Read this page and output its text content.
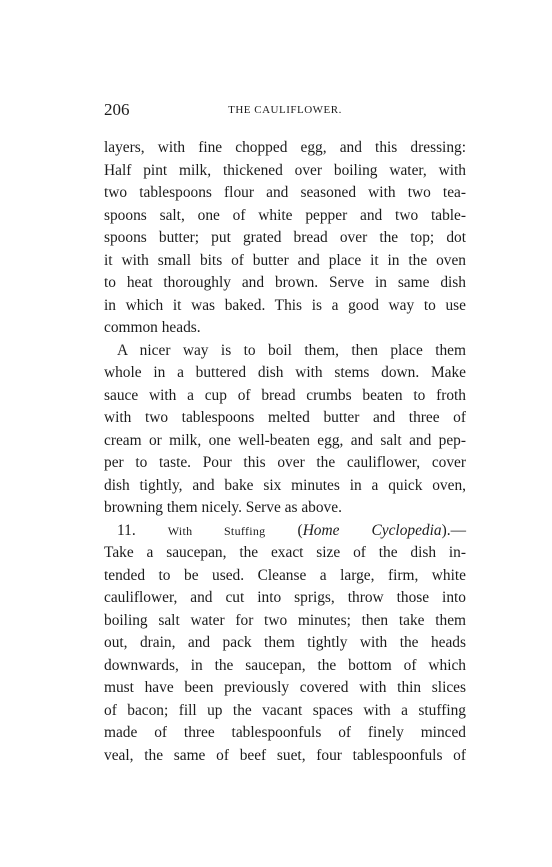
206	THE CAULIFLOWER.
layers, with fine chopped egg, and this dressing:
Half pint milk, thickened over boiling water, with
two tablespoons flour and seasoned with two tea-
spoons salt, one of white pepper and two table-
spoons butter; put grated bread over the top; dot
it with small bits of butter and place it in the oven
to heat thoroughly and brown. Serve in same dish
in which it was baked. This is a good way to use
common heads.
A nicer way is to boil them, then place them
whole in a buttered dish with stems down. Make
sauce with a cup of bread crumbs beaten to froth
with two tablespoons melted butter and three of
cream or milk, one well-beaten egg, and salt and pep-
per to taste. Pour this over the cauliflower, cover
dish tightly, and bake six minutes in a quick oven,
browning them nicely. Serve as above.
11.	With Stuffing (Home Cyclopedia).—
Take a saucepan, the exact size of the dish in-
tended to be used. Cleanse a large, firm, white
cauliflower, and cut into sprigs, throw those into
boiling salt water for two minutes; then take them
out, drain, and pack them tightly with the heads
downwards, in the saucepan, the bottom of which
must have been previously covered with thin slices
of bacon; fill up the vacant spaces with a stuffing
made of three tablespoonfuls of finely minced
veal, the same of beef suet, four tablespoonfuls of
